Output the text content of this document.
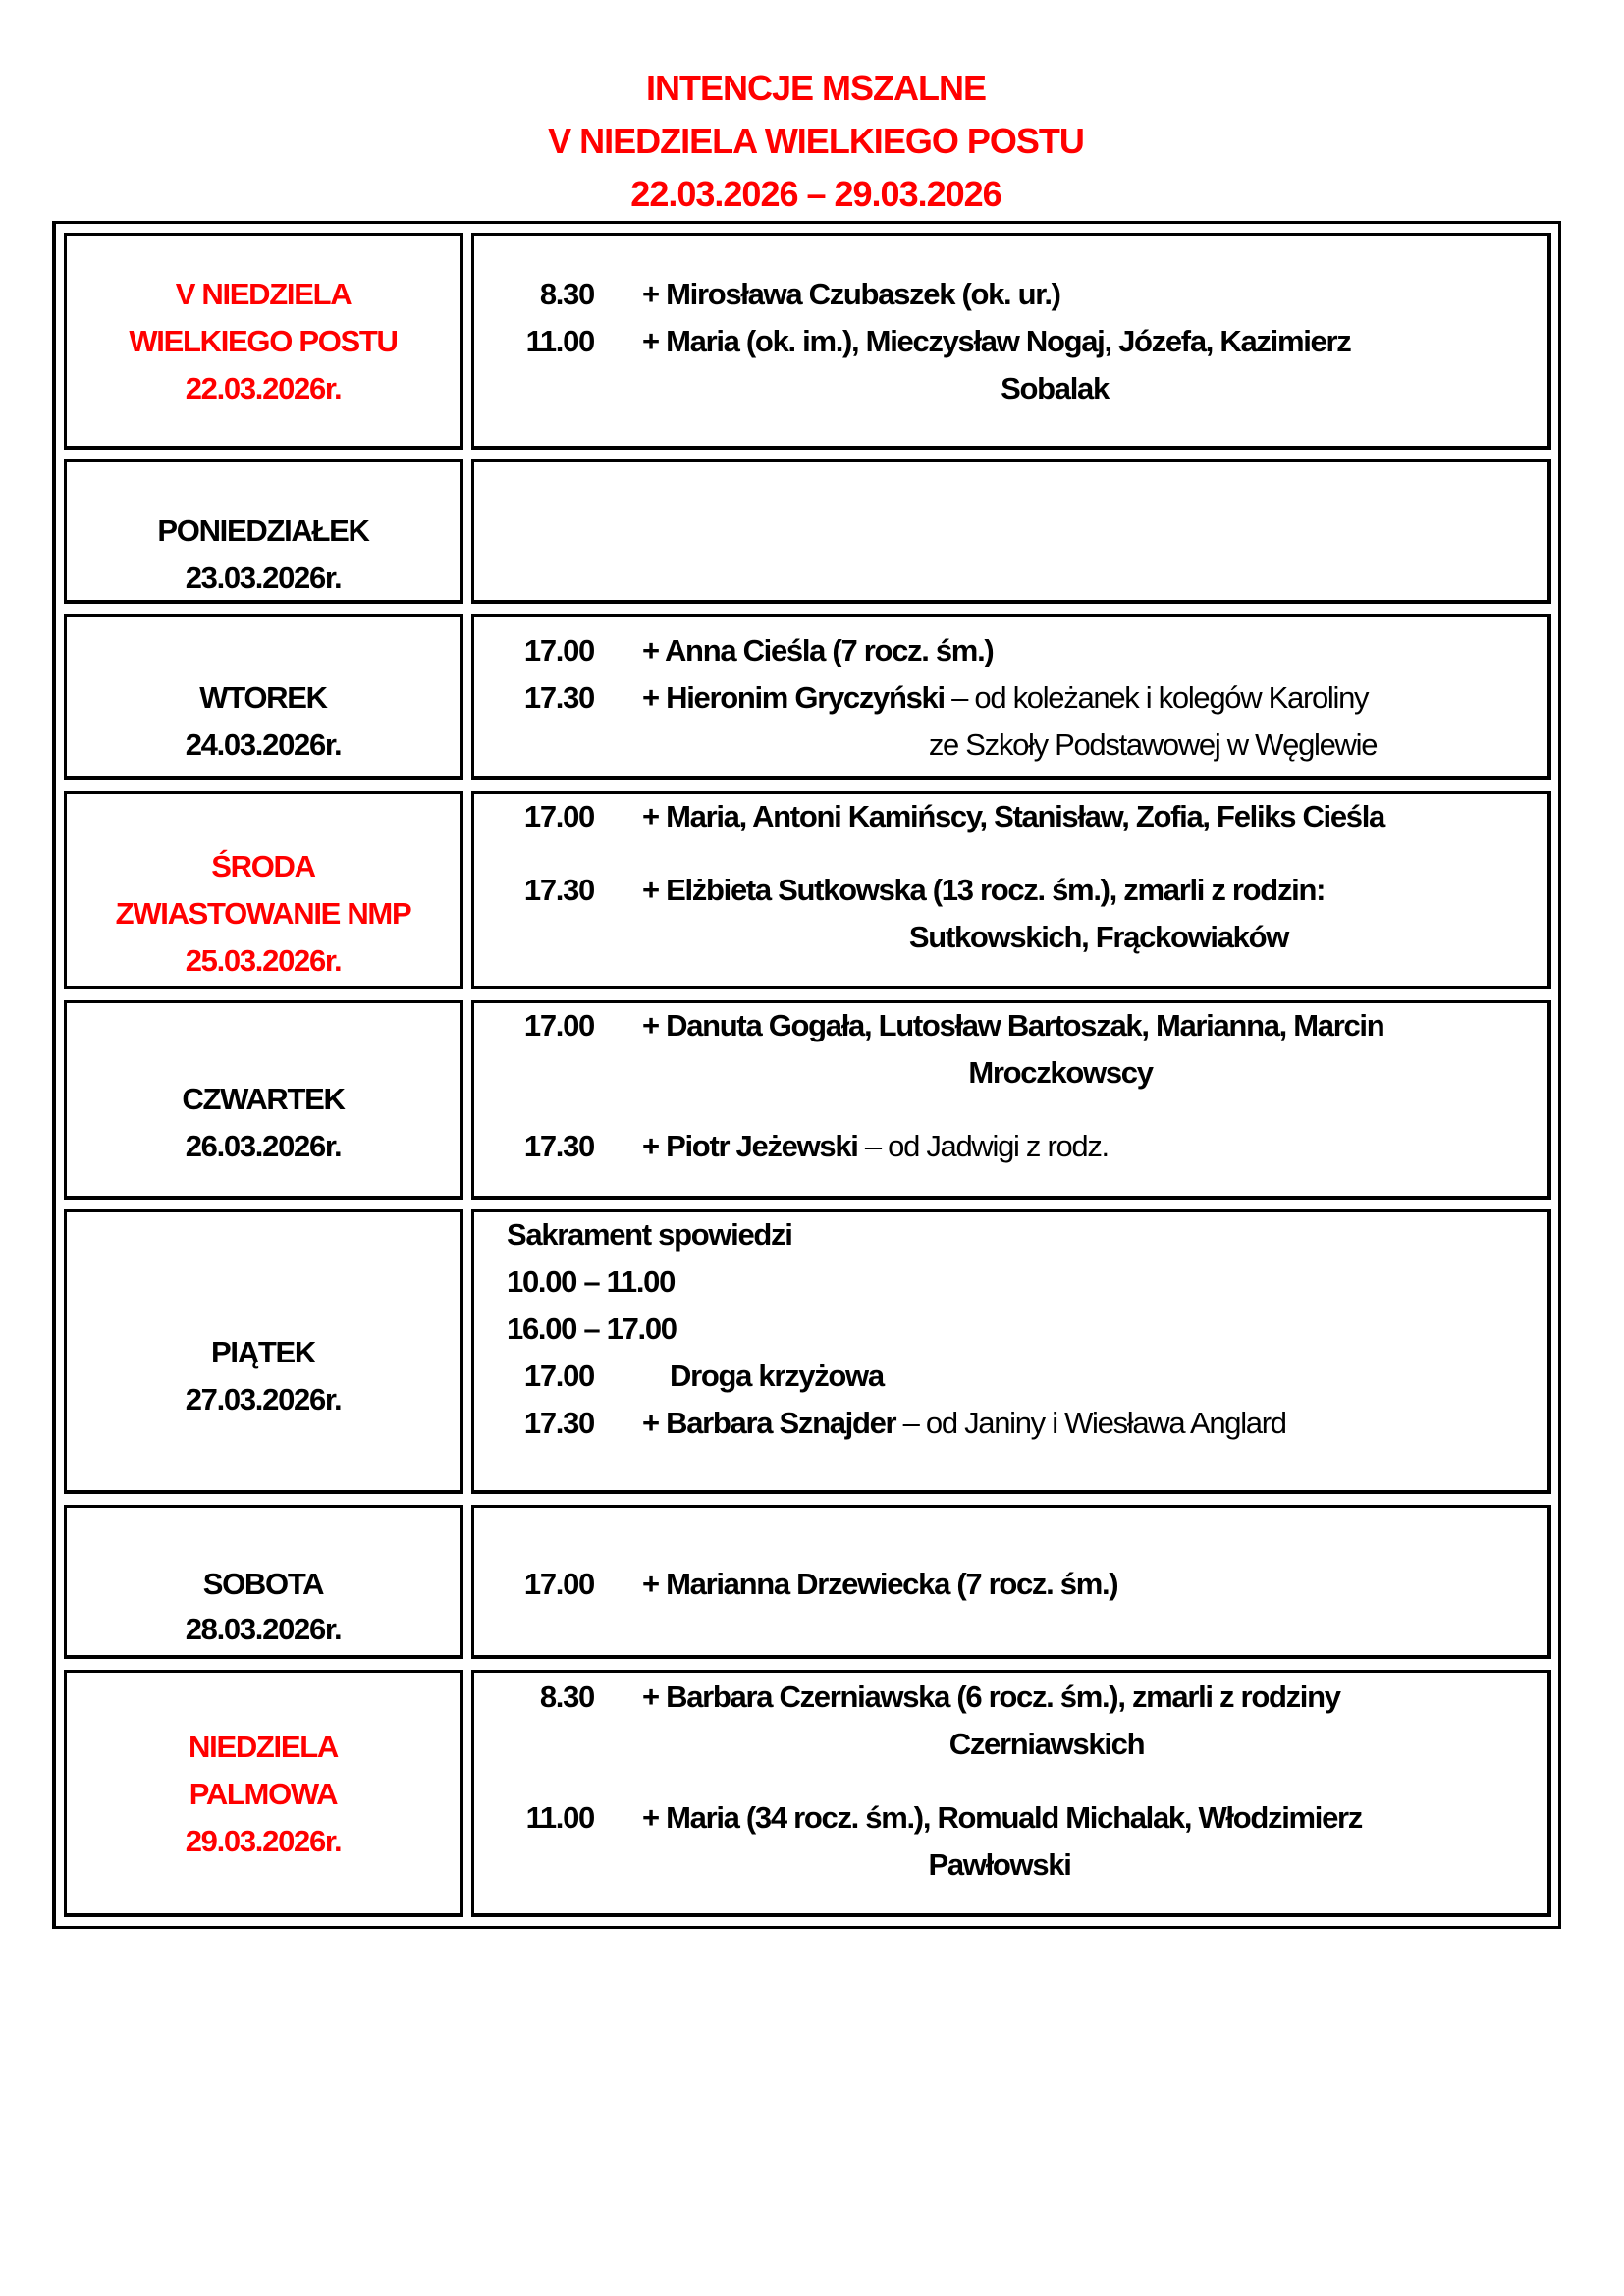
INTENCJE MSZALNE
V NIEDZIELA WIELKIEGO POSTU
22.03.2026 – 29.03.2026
V NIEDZIELA
WIELKIEGO POSTU
22.03.2026r.
8.30 + Mirosława Czubaszek (ok. ur.)
11.00 + Maria (ok. im.), Mieczysław Nogaj, Józefa, Kazimierz
Sobalak
PONIEDZIAŁEK
23.03.2026r.
WTOREK
24.03.2026r.
17.00 + Anna Cieśla (7 rocz. śm.)
17.30 + Hieronim Gryczyński – od koleżanek i kolegów Karoliny
ze Szkoły Podstawowej w Węglewie
ŚRODA
ZWIASTOWANIE NMP
25.03.2026r.
17.00 + Maria, Antoni Kamińscy, Stanisław, Zofia, Feliks Cieśla
17.30 + Elżbieta Sutkowska (13 rocz. śm.), zmarli z rodzin:
Sutkowskich, Frąckowiaków
CZWARTEK
26.03.2026r.
17.00 + Danuta Gogała, Lutosław Bartoszak, Marianna, Marcin
Mroczkowscy
17.30 + Piotr Jeżewski – od Jadwigi z rodz.
PIĄTEK
27.03.2026r.
Sakrament spowiedzi
10.00 – 11.00
16.00 – 17.00
17.00 Droga krzyżowa
17.30 + Barbara Sznajder – od Janiny i Wiesława Anglard
SOBOTA
28.03.2026r.
17.00 + Marianna Drzewiecka (7 rocz. śm.)
NIEDZIELA
PALMOWA
29.03.2026r.
8.30 + Barbara Czerniawska (6 rocz. śm.), zmarli z rodziny
Czerniawskich
11.00 + Maria (34 rocz. śm.), Romuald Michalak, Włodzimierz
Pawłowski
